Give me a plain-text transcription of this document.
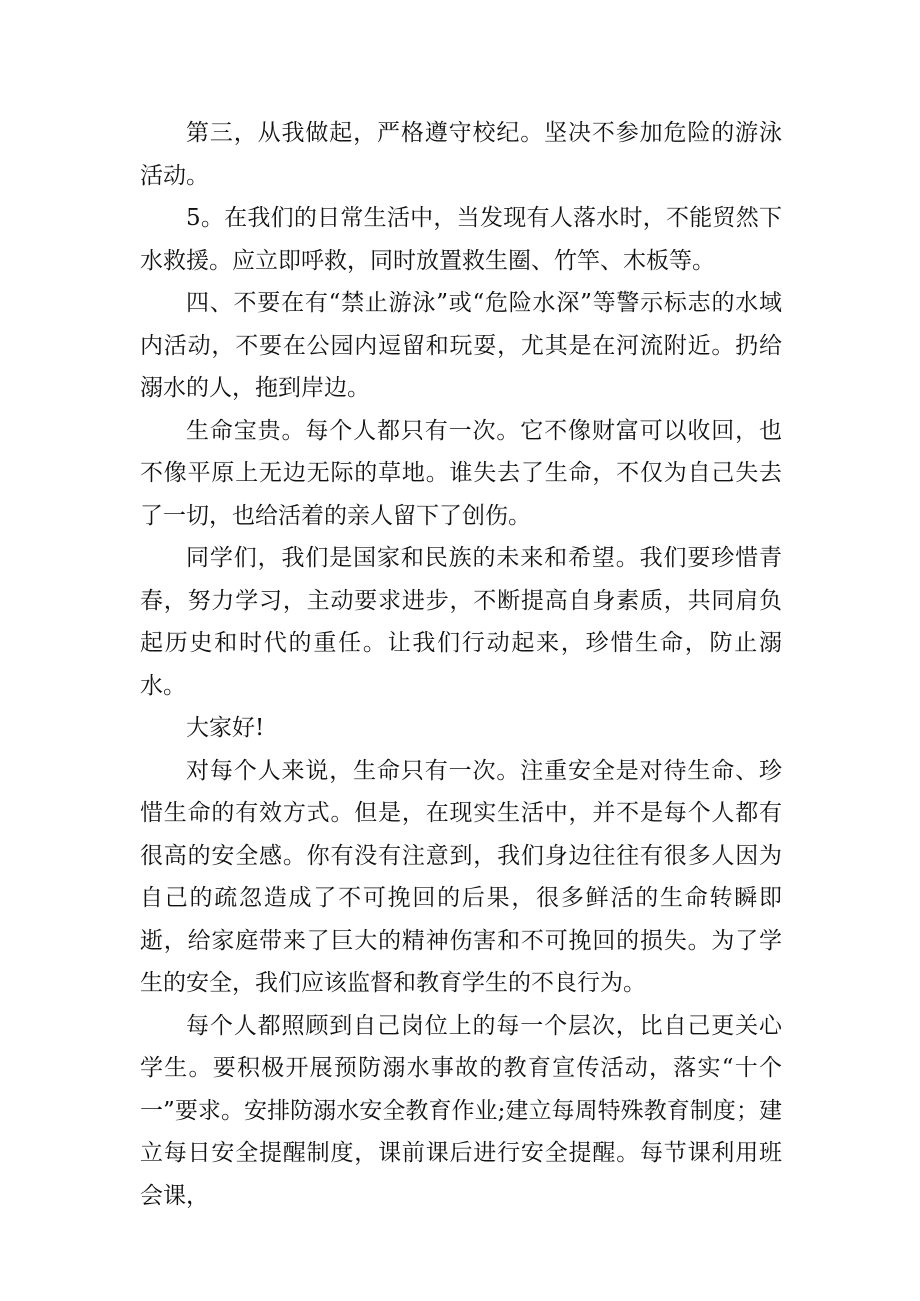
第三，从我做起，严格遵守校纪。坚决不参加危险的游泳活动。

5。在我们的日常生活中，当发现有人落水时，不能贸然下水救援。应立即呼救，同时放置救生圈、竹竿、木板等。

四、不要在有“禁止游泳”或“危险水深”等警示标志的水域内活动，不要在公园内逗留和玩耍，尤其是在河流附近。扔给溺水的人，拖到岸边。

生命宝贵。每个人都只有一次。它不像财富可以收回，也不像平原上无边无际的草地。谁失去了生命，不仅为自己失去了一切，也给活着的亲人留下了创伤。

同学们，我们是国家和民族的未来和希望。我们要珍惜青春，努力学习，主动要求进步，不断提高自身素质，共同肩负起历史和时代的重任。让我们行动起来，珍惜生命，防止溺水。

大家好!

对每个人来说，生命只有一次。注重安全是对待生命、珍惜生命的有效方式。但是，在现实生活中，并不是每个人都有很高的安全感。你有没有注意到，我们身边往往有很多人因为自己的疏忽造成了不可挽回的后果，很多鲜活的生命转瞬即逝，给家庭带来了巨大的精神伤害和不可挽回的损失。为了学生的安全，我们应该监督和教育学生的不良行为。

每个人都照顾到自己岗位上的每一个层次，比自己更关心学生。要积极开展预防溺水事故的教育宣传活动，落实“十个一”要求。安排防溺水安全教育作业;建立每周特殊教育制度；建立每日安全提醒制度，课前课后进行安全提醒。每节课利用班会课，
